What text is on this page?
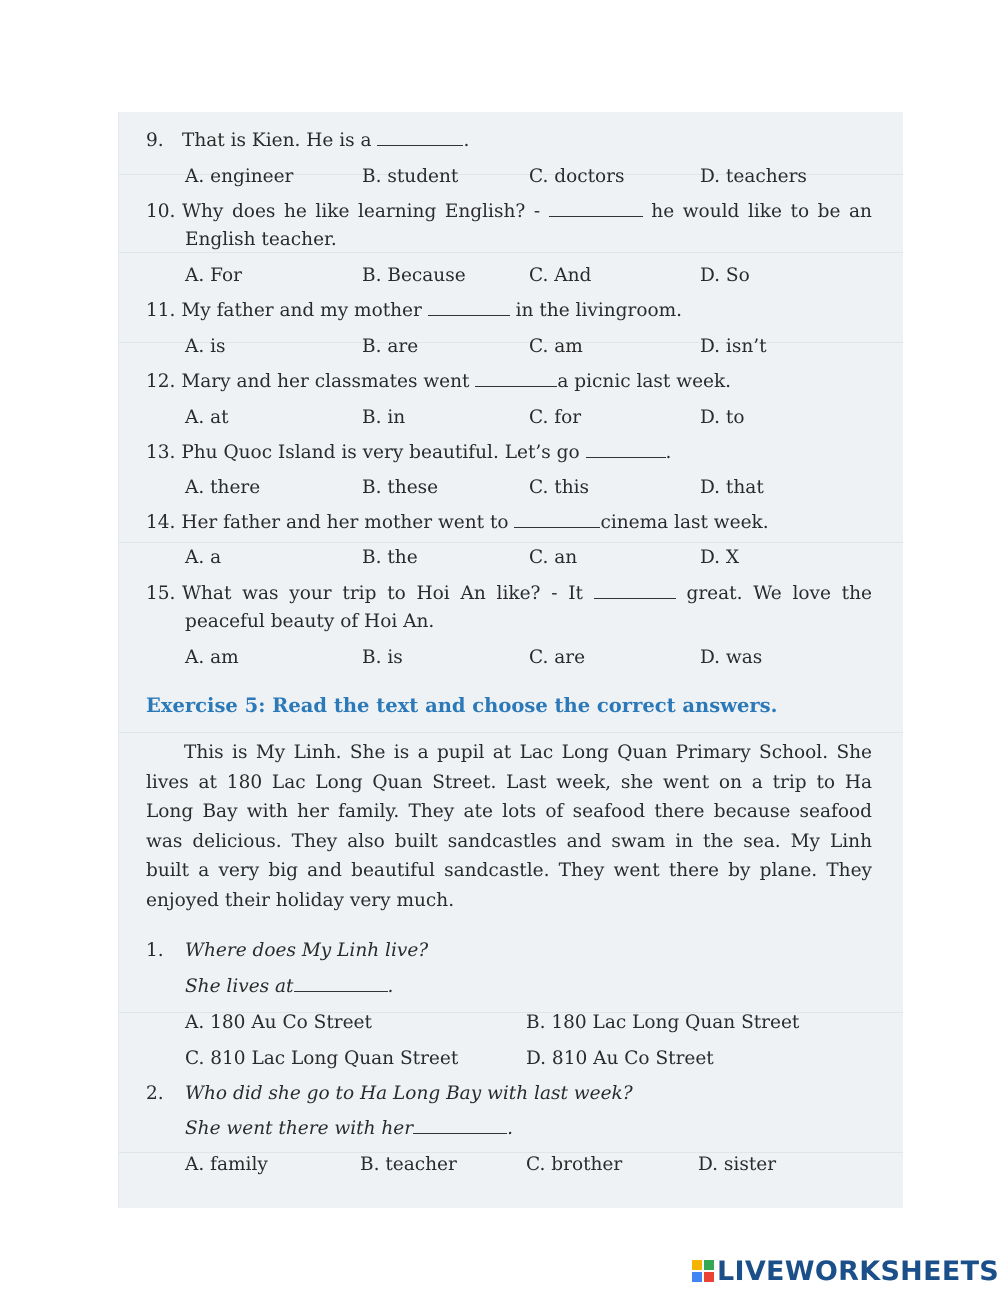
9. That is Kien. He is a	.
A. engineer	B. student	C. doctors	D. teachers
10. Why does he like learning English? -	he would like to be an
English teacher.
A. For	B. Because	C. And	D. So
11. My father and my mother	in the livingroom.
A. is	B. are	C. am	D. isn’t
12. Mary and her classmates went	a picnic last week.
A. at	B. in	C. for	D. to
13. Phu Quoc Island is very beautiful. Let’s go	.
A. there	B. these	C. this	D. that
14. Her father and her mother went to	cinema last week.
A. a	B. the	C. an	D. X
15. What was your trip to Hoi An like? - It	great. We love the
peaceful beauty of Hoi An.
A. am	B. is	C. are	D. was
Exercise 5: Read the text and choose the correct answers.
This is My Linh. She is a pupil at Lac Long Quan Primary School. She
lives at 180 Lac Long Quan Street. Last week, she went on a trip to Ha
Long Bay with her family. They ate lots of seafood there because seafood
was delicious. They also built sandcastles and swam in the sea. My Linh
built a very big and beautiful sandcastle. They went there by plane. They
enjoyed their holiday very much.
1. Where does My Linh live?
She lives at	.
A. 180 Au Co Street	B. 180 Lac Long Quan Street
C. 810 Lac Long Quan Street	D. 810 Au Co Street
2. Who did she go to Ha Long Bay with last week?
She went there with her	.
A. family	B. teacher	C. brother	D. sister
LIVEWORKSHEETS
